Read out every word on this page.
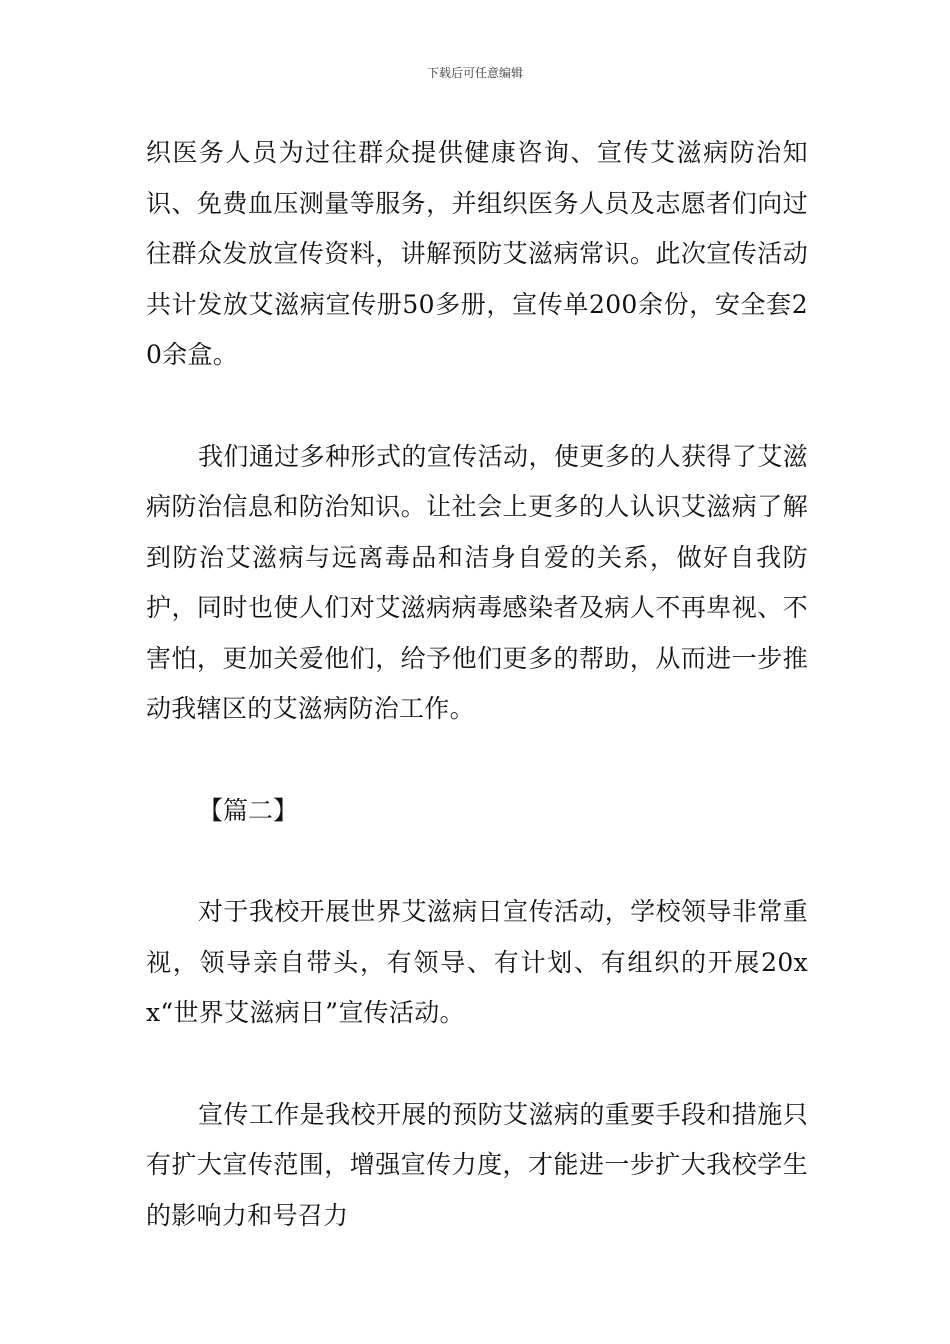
下载后可任意编辑

织医务人员为过往群众提供健康咨询、宣传艾滋病防治知识、免费血压测量等服务，并组织医务人员及志愿者们向过往群众发放宣传资料，讲解预防艾滋病常识。此次宣传活动共计发放艾滋病宣传册50多册，宣传单200余份，安全套20余盒。

我们通过多种形式的宣传活动，使更多的人获得了艾滋病防治信息和防治知识。让社会上更多的人认识艾滋病了解到防治艾滋病与远离毒品和洁身自爱的关系，做好自我防护，同时也使人们对艾滋病病毒感染者及病人不再卑视、不害怕，更加关爱他们，给予他们更多的帮助，从而进一步推动我辖区的艾滋病防治工作。

【篇二】

对于我校开展世界艾滋病日宣传活动，学校领导非常重视，领导亲自带头，有领导、有计划、有组织的开展20xx“世界艾滋病日”宣传活动。

宣传工作是我校开展的预防艾滋病的重要手段和措施只有扩大宣传范围，增强宣传力度，才能进一步扩大我校学生的影响力和号召力
